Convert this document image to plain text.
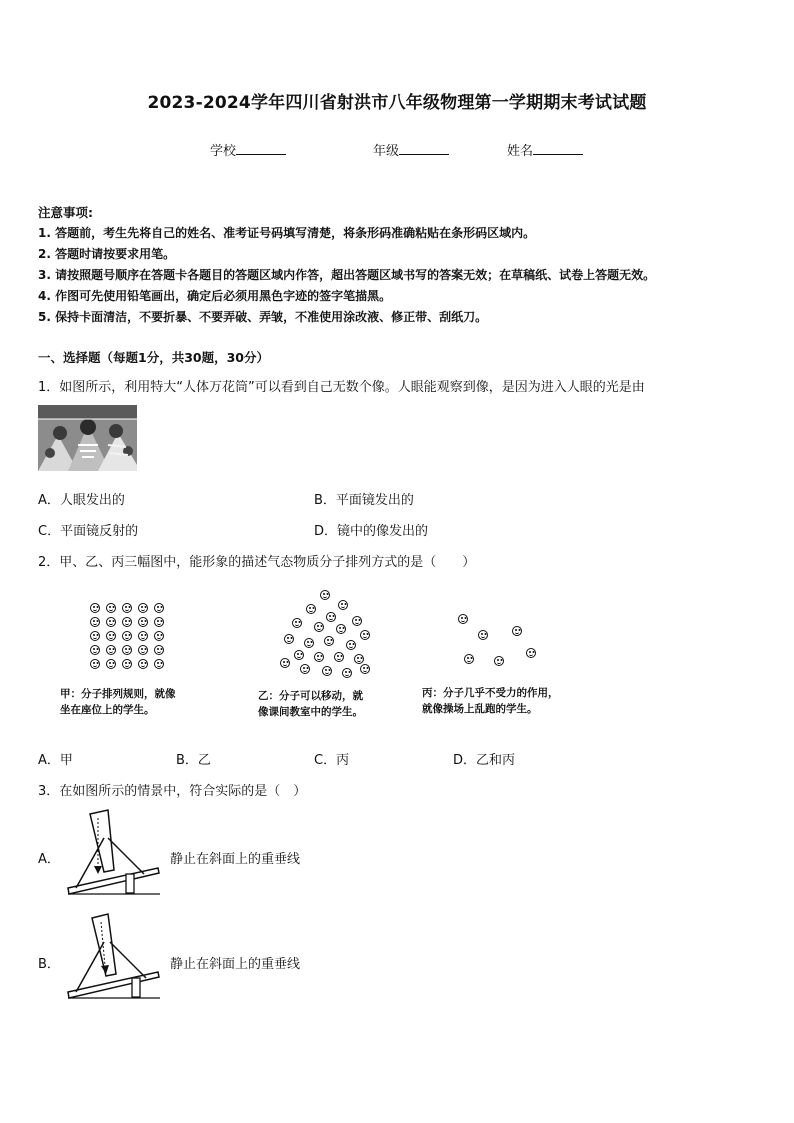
2023-2024学年四川省射洪市八年级物理第一学期期末考试试题
学校	年级	姓名
注意事项:
1. 答题前，考生先将自己的姓名、准考证号码填写清楚，将条形码准确粘贴在条形码区域内。
2. 答题时请按要求用笔。
3. 请按照题号顺序在答题卡各题目的答题区域内作答，超出答题区域书写的答案无效；在草稿纸、试卷上答题无效。
4. 作图可先使用铅笔画出，确定后必须用黑色字迹的签字笔描黑。
5. 保持卡面清洁，不要折暴、不要弄破、弄皱，不准使用涂改液、修正带、刮纸刀。
一、选择题（每题1分，共30题，30分）
1．如图所示，利用特大“人体万花筒”可以看到自己无数个像。人眼能观察到像，是因为进入人眼的光是由
A．人眼发出的	B．平面镜发出的
C．平面镜反射的	D．镜中的像发出的
2．甲、乙、丙三幅图中，能形象的描述气态物质分子排列方式的是（　　）
甲：分子排列规则，就像
坐在座位上的学生。
乙：分子可以移动，就
像课间教室中的学生。
丙：分子几乎不受力的作用，
就像操场上乱跑的学生。
A．甲	B．乙	C．丙	D．乙和丙
3．在如图所示的情景中，符合实际的是（　）
A．	静止在斜面上的重垂线
B．	静止在斜面上的重垂线
